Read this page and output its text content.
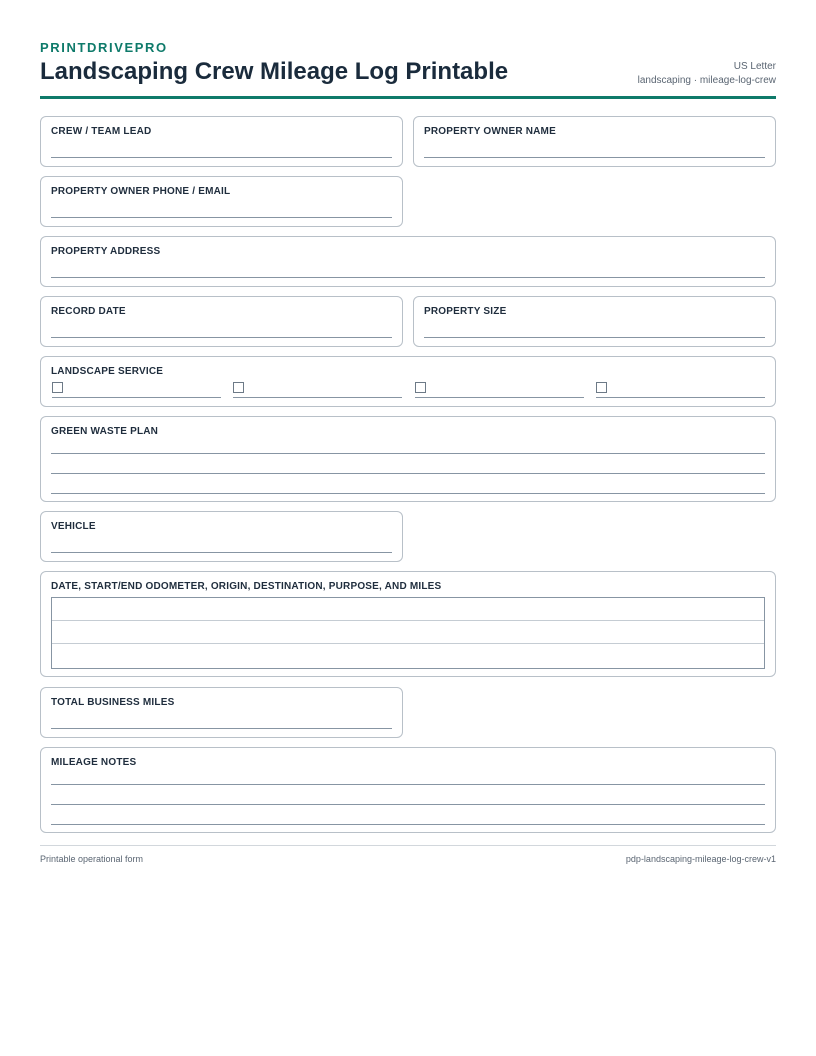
PRINTDRIVEPRO
Landscaping Crew Mileage Log Printable	US Letter
landscaping · mileage-log-crew
CREW / TEAM LEAD	PROPERTY OWNER NAME
PROPERTY OWNER PHONE / EMAIL
PROPERTY ADDRESS
RECORD DATE	PROPERTY SIZE
LANDSCAPE SERVICE
GREEN WASTE PLAN
VEHICLE
DATE, START/END ODOMETER, ORIGIN, DESTINATION, PURPOSE, AND MILES
TOTAL BUSINESS MILES
MILEAGE NOTES
Printable operational form	pdp-landscaping-mileage-log-crew-v1
